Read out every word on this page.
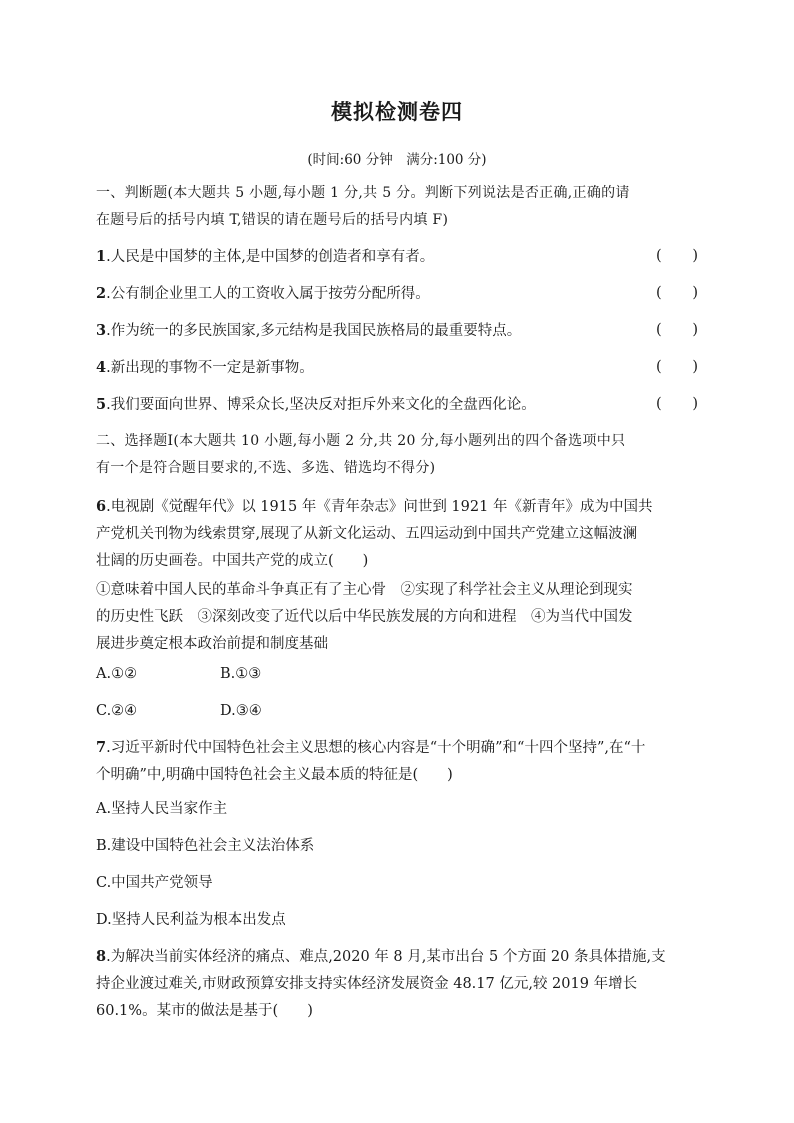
模拟检测卷四
(时间:60 分钟　满分:100 分)
一、判断题(本大题共 5 小题,每小题 1 分,共 5 分。判断下列说法是否正确,正确的请
在题号后的括号内填 T,错误的请在题号后的括号内填 F)
1.人民是中国梦的主体,是中国梦的创造者和享有者。	( )
2.公有制企业里工人的工资收入属于按劳分配所得。	( )
3.作为统一的多民族国家,多元结构是我国民族格局的最重要特点。	( )
4.新出现的事物不一定是新事物。	( )
5.我们要面向世界、博采众长,坚决反对拒斥外来文化的全盘西化论。	( )
二、选择题Ⅰ(本大题共 10 小题,每小题 2 分,共 20 分,每小题列出的四个备选项中只
有一个是符合题目要求的,不选、多选、错选均不得分)
6.电视剧《觉醒年代》以 1915 年《青年杂志》问世到 1921 年《新青年》成为中国共
产党机关刊物为线索贯穿,展现了从新文化运动、五四运动到中国共产党建立这幅波澜
壮阔的历史画卷。中国共产党的成立(　　)
①意味着中国人民的革命斗争真正有了主心骨　②实现了科学社会主义从理论到现实
的历史性飞跃　③深刻改变了近代以后中华民族发展的方向和进程　④为当代中国发
展进步奠定根本政治前提和制度基础
A.①②	B.①③
C.②④	D.③④
7.习近平新时代中国特色社会主义思想的核心内容是“十个明确”和“十四个坚持”,在“十
个明确”中,明确中国特色社会主义最本质的特征是(　　)
A.坚持人民当家作主
B.建设中国特色社会主义法治体系
C.中国共产党领导
D.坚持人民利益为根本出发点
8.为解决当前实体经济的痛点、难点,2020 年 8 月,某市出台 5 个方面 20 条具体措施,支
持企业渡过难关,市财政预算安排支持实体经济发展资金 48.17 亿元,较 2019 年增长
60.1%。某市的做法是基于(　　)
